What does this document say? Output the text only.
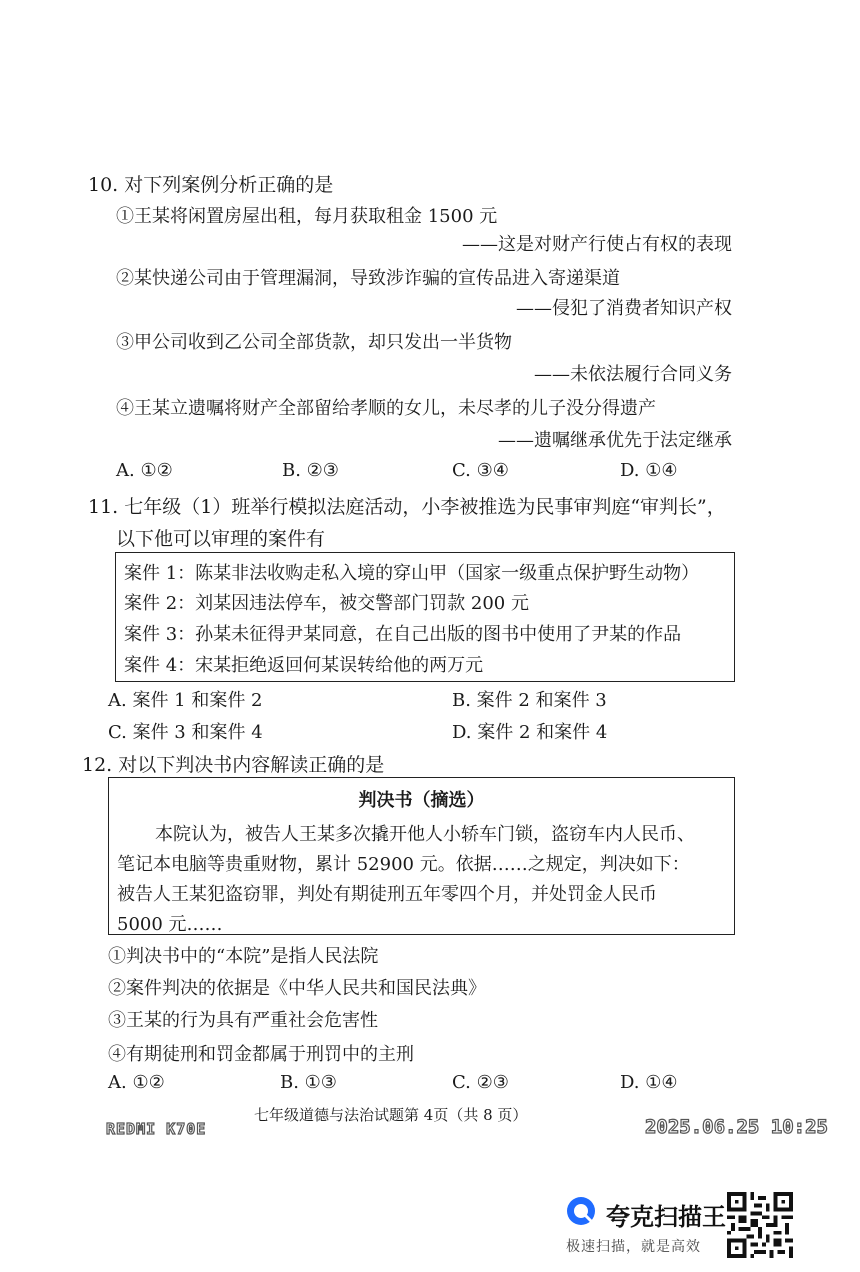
10. 对下列案例分析正确的是
①王某将闲置房屋出租，每月获取租金 1500 元
——这是对财产行使占有权的表现
②某快递公司由于管理漏洞，导致涉诈骗的宣传品进入寄递渠道
——侵犯了消费者知识产权
③甲公司收到乙公司全部货款，却只发出一半货物
——未依法履行合同义务
④王某立遗嘱将财产全部留给孝顺的女儿，未尽孝的儿子没分得遗产
——遗嘱继承优先于法定继承
A. ①②	B. ②③	C. ③④	D. ①④
11. 七年级（1）班举行模拟法庭活动，小李被推选为民事审判庭“审判长”，
以下他可以审理的案件有
案件 1：陈某非法收购走私入境的穿山甲（国家一级重点保护野生动物）
案件 2：刘某因违法停车，被交警部门罚款 200 元
案件 3：孙某未征得尹某同意，在自己出版的图书中使用了尹某的作品
案件 4：宋某拒绝返回何某误转给他的两万元
A. 案件 1 和案件 2	B. 案件 2 和案件 3
C. 案件 3 和案件 4	D. 案件 2 和案件 4
12. 对以下判决书内容解读正确的是
判决书（摘选）
本院认为，被告人王某多次撬开他人小轿车门锁，盗窃车内人民币、
笔记本电脑等贵重财物，累计 52900 元。依据……之规定，判决如下：
被告人王某犯盗窃罪，判处有期徒刑五年零四个月，并处罚金人民币
5000 元……
①判决书中的“本院”是指人民法院
②案件判决的依据是《中华人民共和国民法典》
③王某的行为具有严重社会危害性
④有期徒刑和罚金都属于刑罚中的主刑
A. ①②	B. ①③	C. ②③	D. ①④
REDMI K70E
七年级道德与法治试题第 4页（共 8 页）
2025.06.25 10:25
夸克扫描王
极速扫描，就是高效
